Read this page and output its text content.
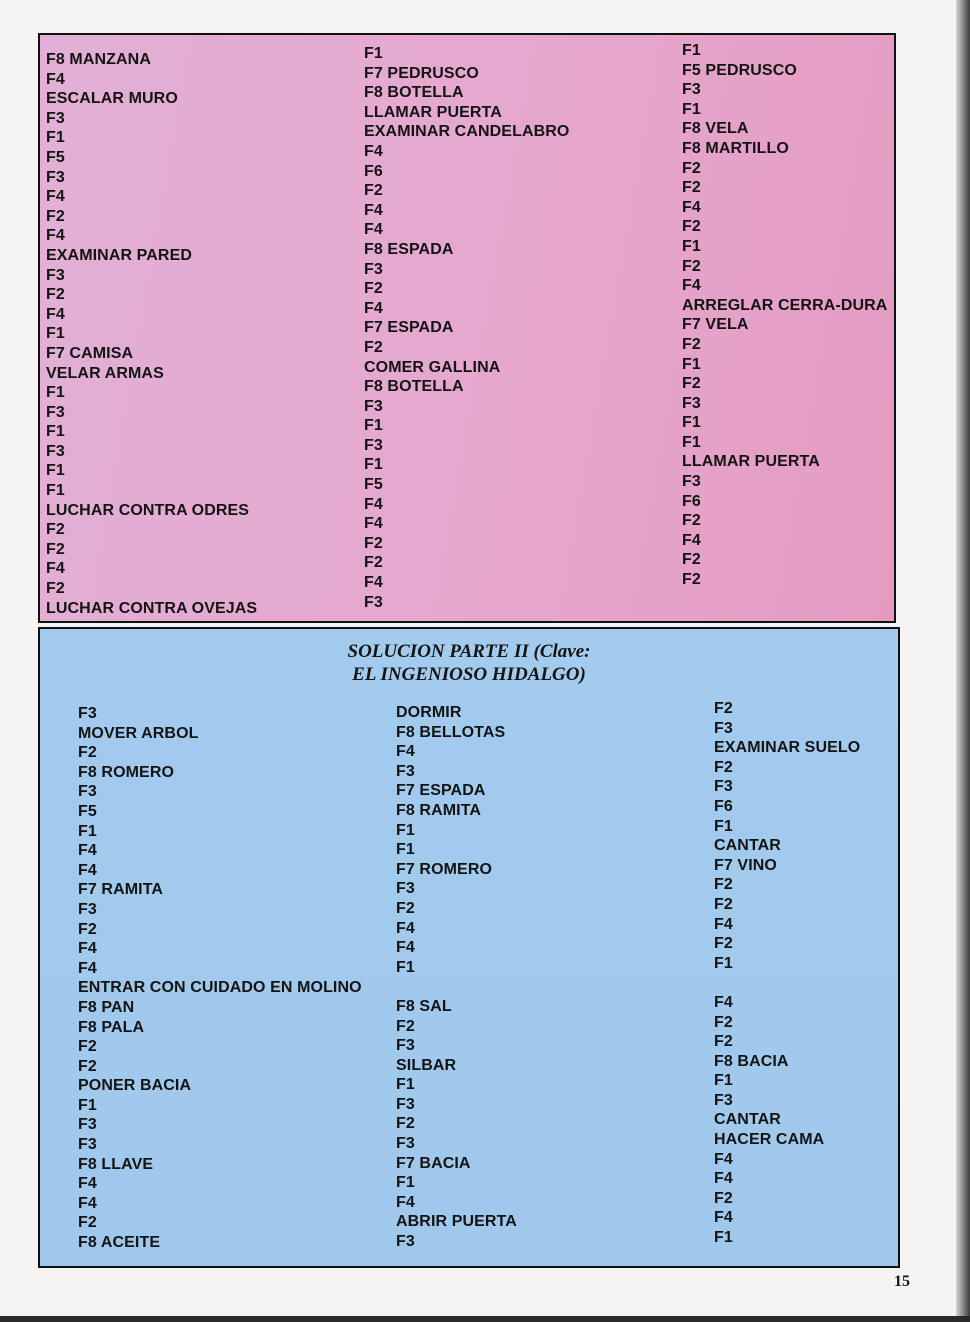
F8 MANZANA
F4
ESCALAR MURO
F3
F1
F5
F3
F4
F2
F4
EXAMINAR PARED
F3
F2
F4
F1
F7 CAMISA
VELAR ARMAS
F1
F3
F1
F3
F1
F1
LUCHAR CONTRA ODRES
F2
F2
F4
F2
LUCHAR CONTRA OVEJAS
F1
F7 PEDRUSCO
F8 BOTELLA
LLAMAR PUERTA
EXAMINAR CANDELABRO
F4
F6
F2
F4
F4
F8 ESPADA
F3
F2
F4
F7 ESPADA
F2
COMER GALLINA
F8 BOTELLA
F3
F1
F3
F1
F5
F4
F4
F2
F2
F4
F3
F1
F5 PEDRUSCO
F3
F1
F8 VELA
F8 MARTILLO
F2
F2
F4
F2
F1
F2
F4
ARREGLAR CERRA-DURA
F7 VELA
F2
F1
F2
F3
F1
F1
LLAMAR PUERTA
F3
F6
F2
F4
F2
F2
SOLUCION PARTE II (Clave:
EL INGENIOSO HIDALGO)
F3
MOVER ARBOL
F2
F8 ROMERO
F3
F5
F1
F4
F4
F7 RAMITA
F3
F2
F4
F4
ENTRAR CON CUIDADO EN MOLINO
F8 PAN
F8 PALA
F2
F2
PONER BACIA
F1
F3
F3
F8 LLAVE
F4
F4
F2
F8 ACEITE
DORMIR
F8 BELLOTAS
F4
F3
F7 ESPADA
F8 RAMITA
F1
F1
F7 ROMERO
F3
F2
F4
F4
F1
F8 SAL
F2
F3
SILBAR
F1
F3
F2
F3
F7 BACIA
F1
F4
ABRIR PUERTA
F3
F2
F3
EXAMINAR SUELO
F2
F3
F6
F1
CANTAR
F7 VINO
F2
F2
F4
F2
F1
F4
F2
F2
F8 BACIA
F1
F3
CANTAR
HACER CAMA
F4
F4
F2
F4
F1
15
